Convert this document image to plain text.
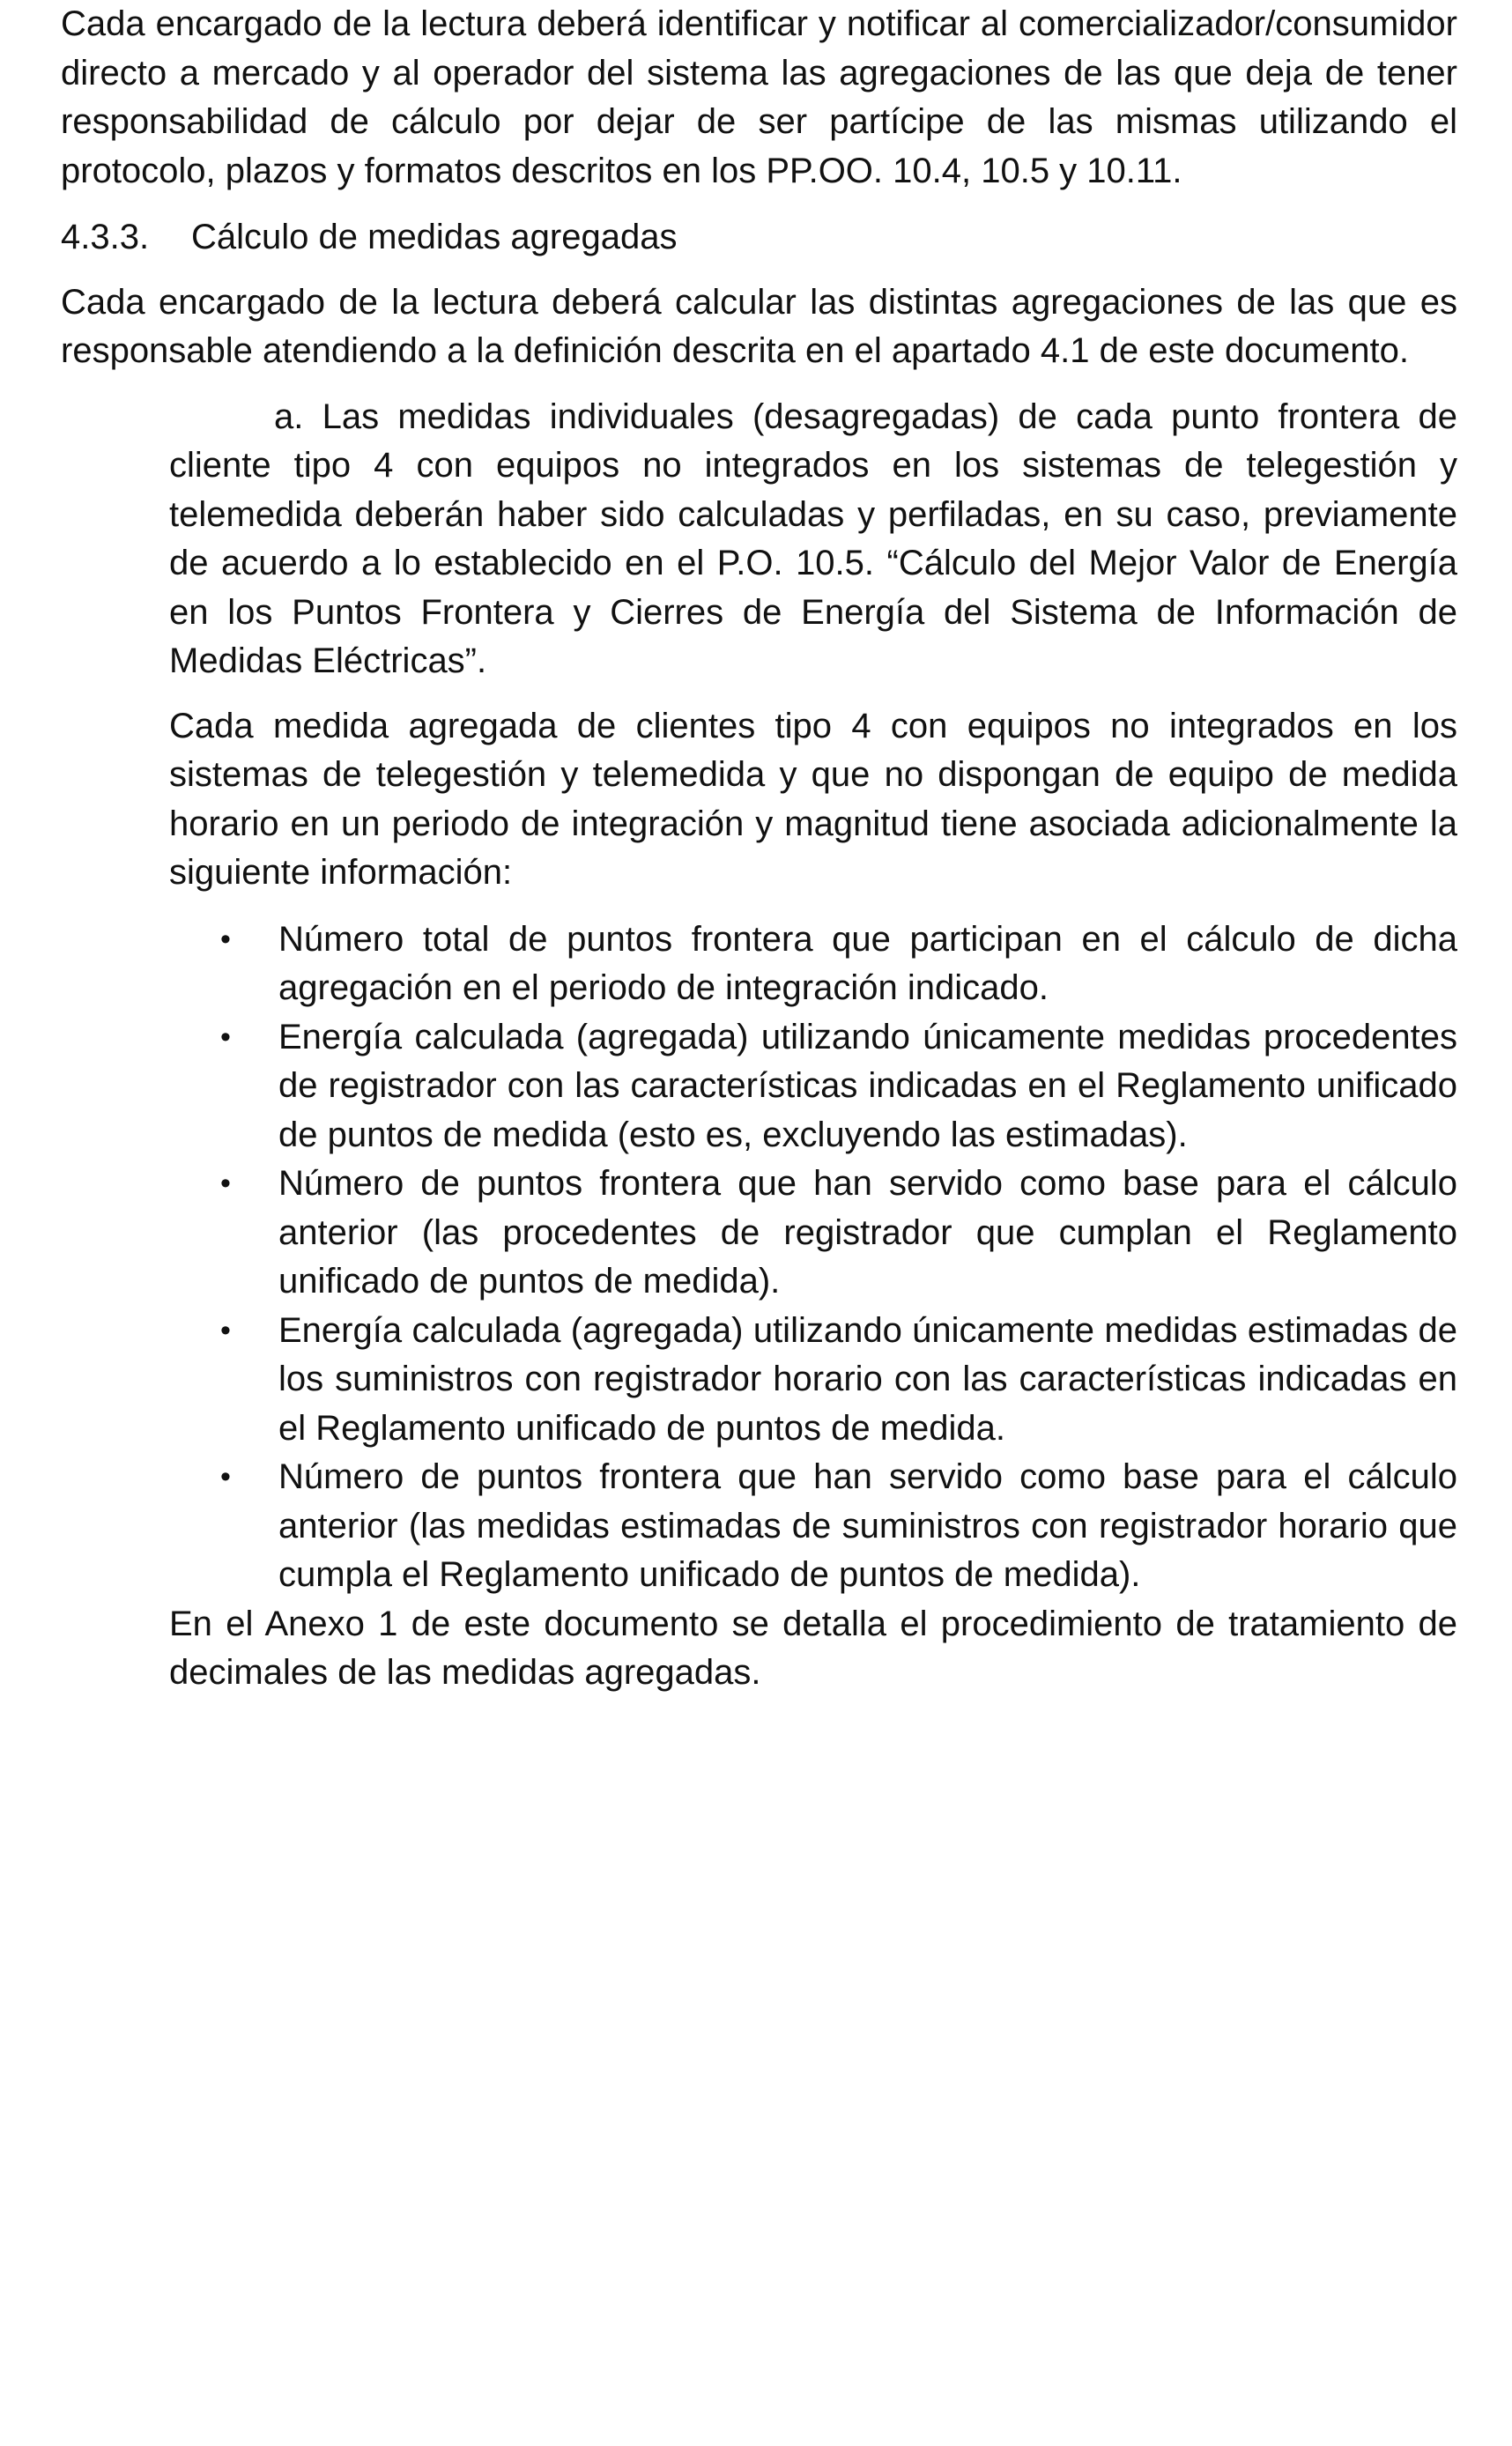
Cada encargado de la lectura deberá identificar y notificar al comercializador/consumidor directo a mercado y al operador del sistema las agregaciones de las que deja de tener responsabilidad de cálculo por dejar de ser partícipe de las mismas utilizando el protocolo, plazos y formatos descritos en los PP.OO. 10.4, 10.5 y 10.11.

4.3.3.	Cálculo de medidas agregadas

Cada encargado de la lectura deberá calcular las distintas agregaciones de las que es responsable atendiendo a la definición descrita en el apartado 4.1 de este documento.

a. Las medidas individuales (desagregadas) de cada punto frontera de cliente tipo 4 con equipos no integrados en los sistemas de telegestión y telemedida deberán haber sido calculadas y perfiladas, en su caso, previamente de acuerdo a lo establecido en el P.O. 10.5. “Cálculo del Mejor Valor de Energía en los Puntos Frontera y Cierres de Energía del Sistema de Información de Medidas Eléctricas”.

Cada medida agregada de clientes tipo 4 con equipos no integrados en los sistemas de telegestión y telemedida y que no dispongan de equipo de medida horario en un periodo de integración y magnitud tiene asociada adicionalmente la siguiente información:

•	Número total de puntos frontera que participan en el cálculo de dicha agregación en el periodo de integración indicado.
•	Energía calculada (agregada) utilizando únicamente medidas procedentes de registrador con las características indicadas en el Reglamento unificado de puntos de medida (esto es, excluyendo las estimadas).
•	Número de puntos frontera que han servido como base para el cálculo anterior (las procedentes de registrador que cumplan el Reglamento unificado de puntos de medida).
•	Energía calculada (agregada) utilizando únicamente medidas estimadas de los suministros con registrador horario con las características indicadas en el Reglamento unificado de puntos de medida.
•	Número de puntos frontera que han servido como base para el cálculo anterior (las medidas estimadas de suministros con registrador horario que cumpla el Reglamento unificado de puntos de medida).

En el Anexo 1 de este documento se detalla el procedimiento de tratamiento de decimales de las medidas agregadas.
